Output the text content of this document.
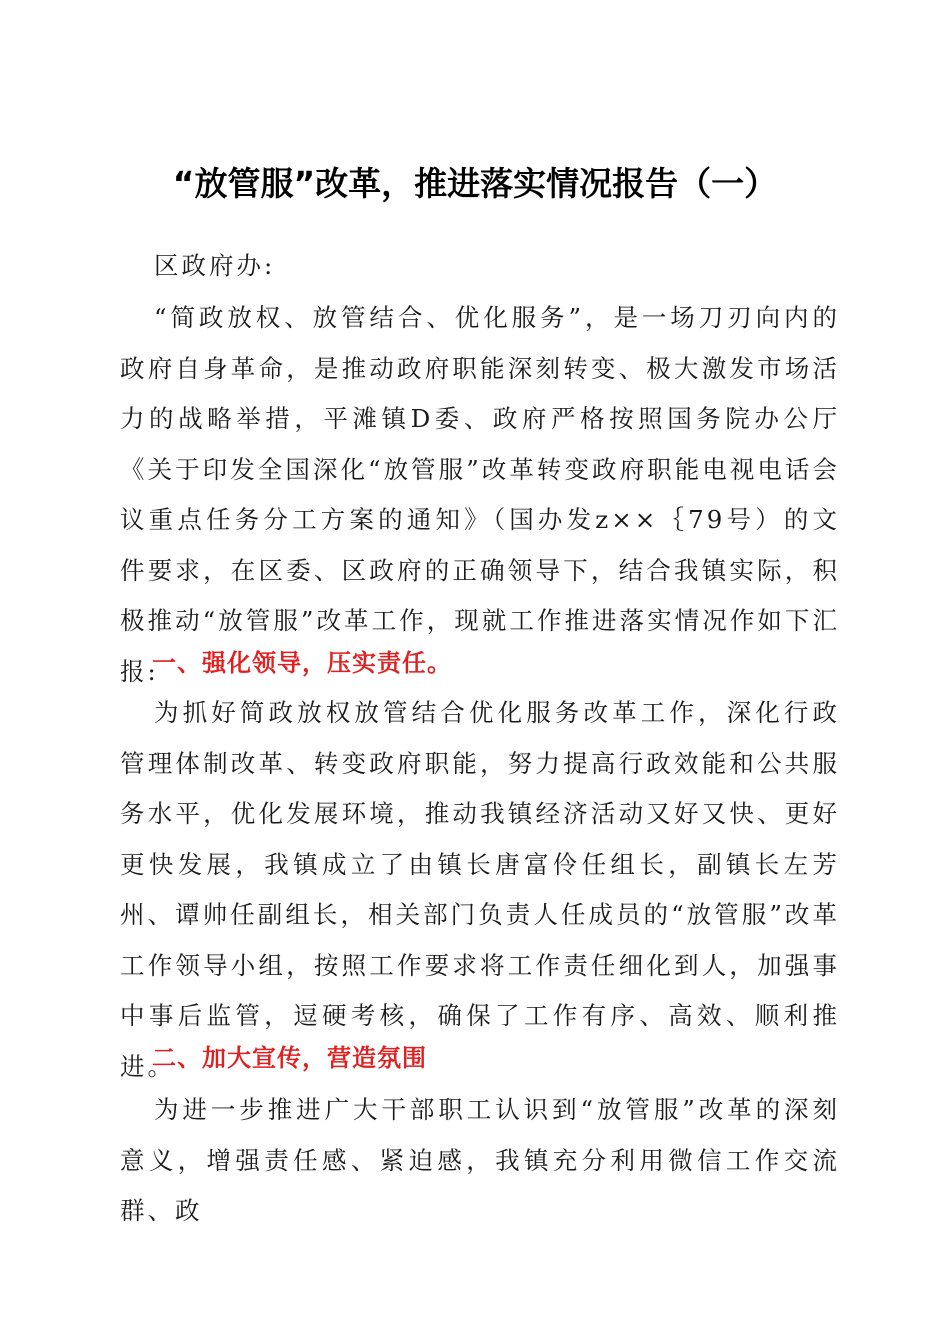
“放管服”改革，推进落实情况报告（一）

区政府办:

“简政放权、放管结合、优化服务”，是一场刀刃向内的政府自身革命，是推动政府职能深刻转变、极大激发市场活力的战略举措，平滩镇D委、政府严格按照国务院办公厅《关于印发全国深化“放管服”改革转变政府职能电视电话会议重点任务分工方案的通知》（国办发z××｛79号）的文件要求，在区委、区政府的正确领导下，结合我镇实际，积极推动“放管服”改革工作，现就工作推进落实情况作如下汇报:

一、强化领导，压实责任。

为抓好简政放权放管结合优化服务改革工作，深化行政管理体制改革、转变政府职能，努力提高行政效能和公共服务水平，优化发展环境，推动我镇经济活动又好又快、更好更快发展，我镇成立了由镇长唐富伶任组长，副镇长左芳州、谭帅任副组长，相关部门负责人任成员的“放管服”改革工作领导小组，按照工作要求将工作责任细化到人，加强事中事后监管，逗硬考核，确保了工作有序、高效、顺利推进。

二、加大宣传，营造氛围

为进一步推进广大干部职工认识到“放管服”改革的深刻意义，增强责任感、紧迫感，我镇充分利用微信工作交流群、政
